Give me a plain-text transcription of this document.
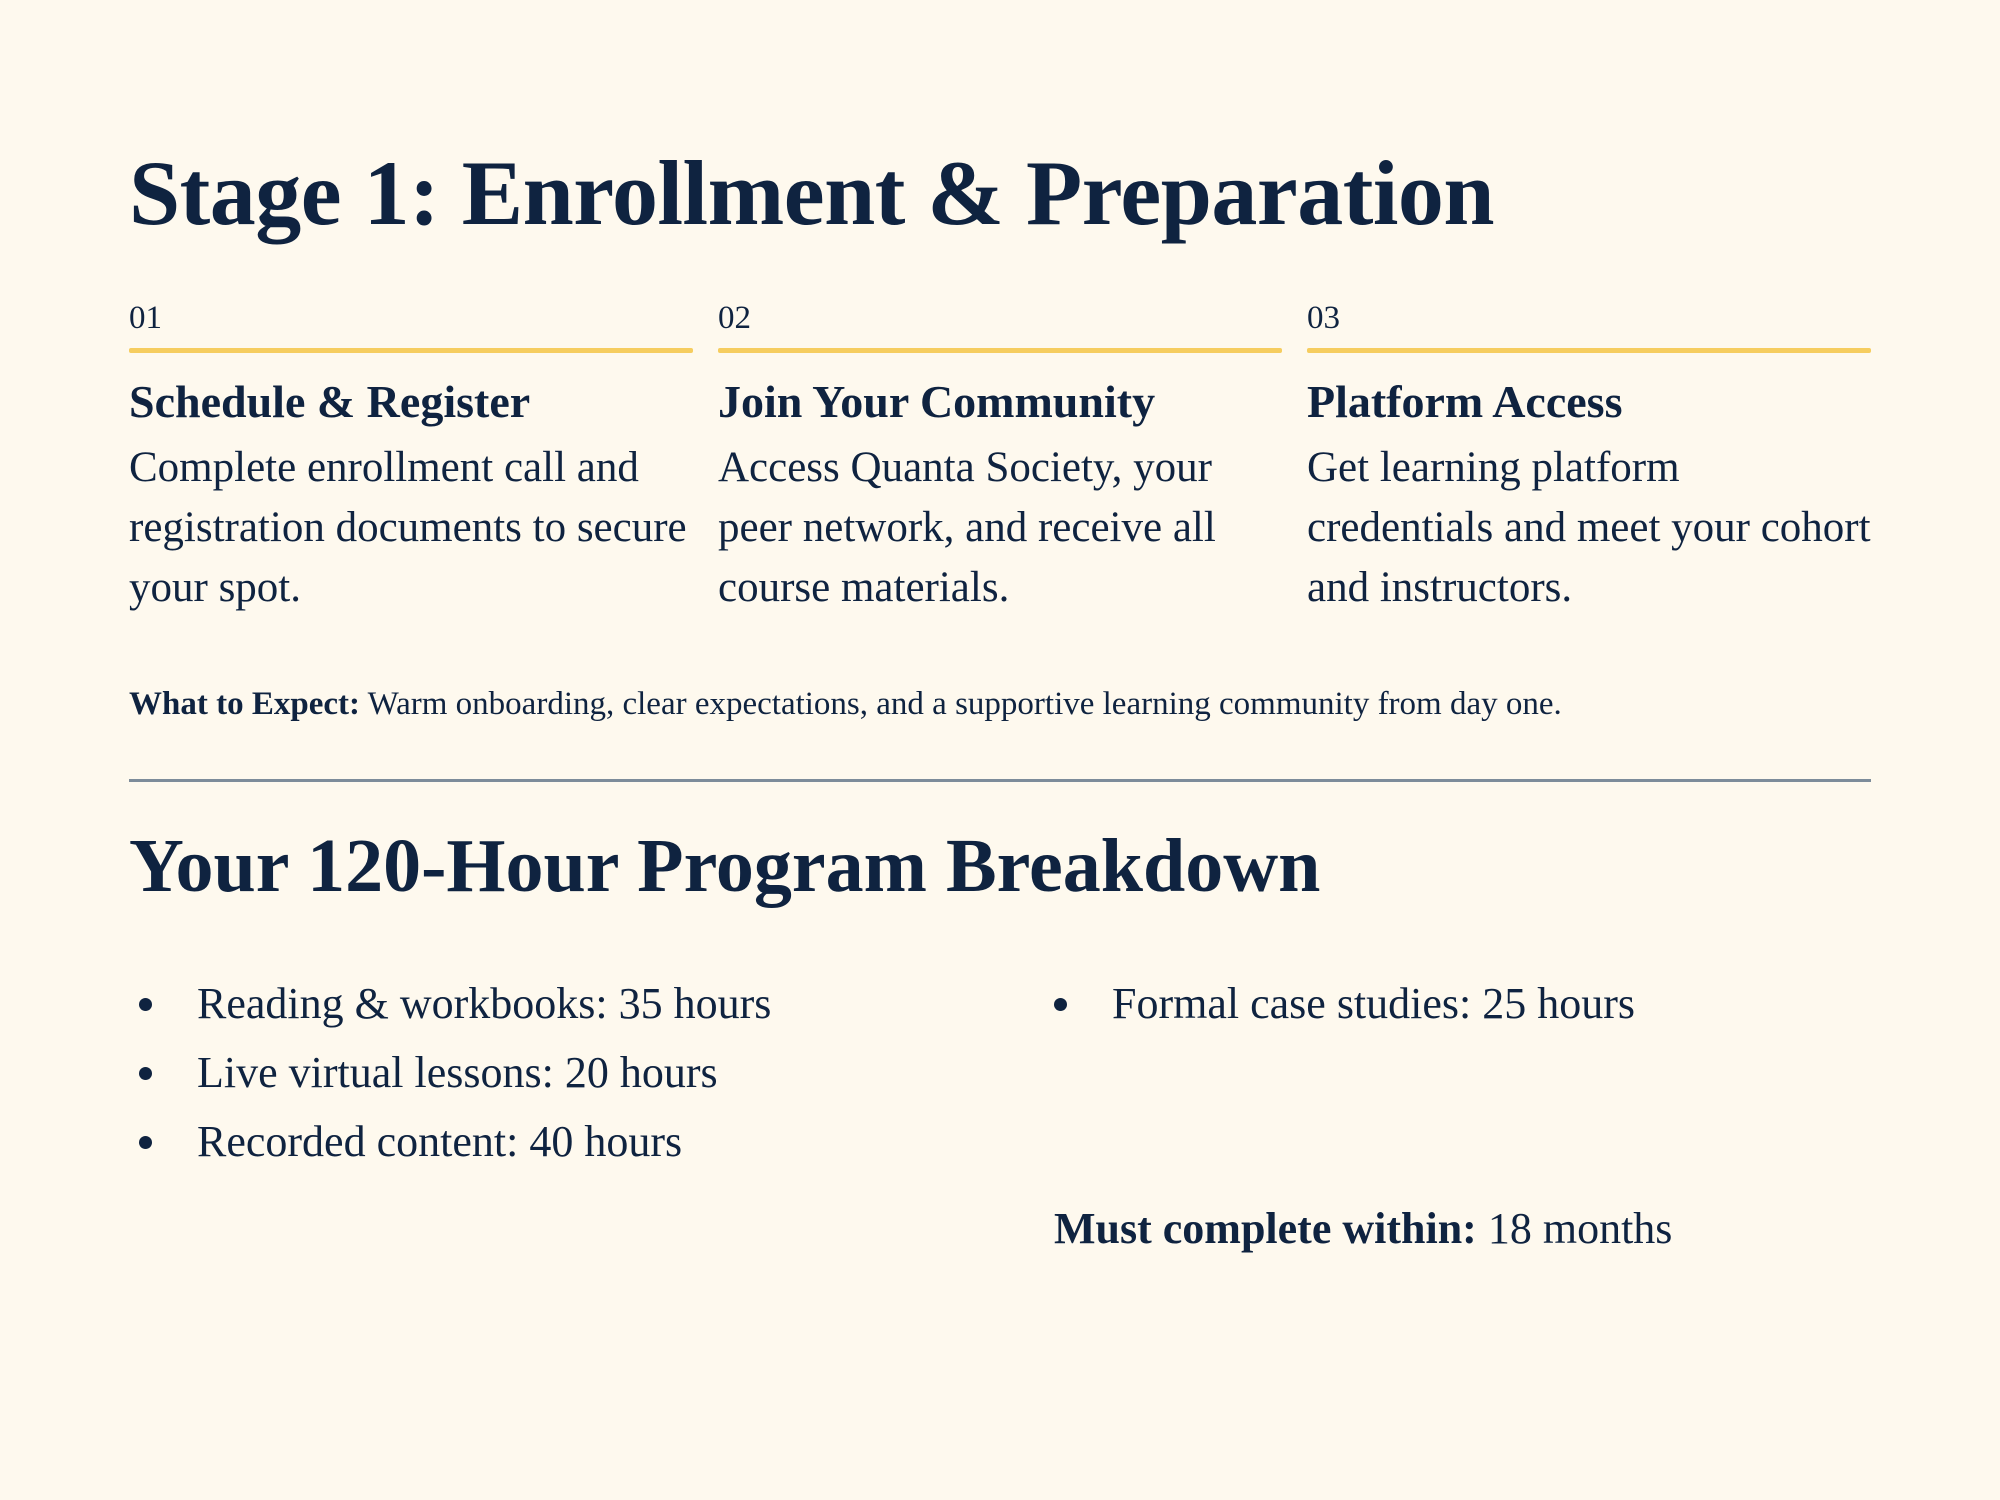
Stage 1: Enrollment & Preparation
01
Schedule & Register

Complete enrollment call and registration documents to secure your spot.

02
Join Your Community

Access Quanta Society, your peer network, and receive all course materials.

03
Platform Access

Get learning platform credentials and meet your cohort and instructors.

What to Expect: Warm onboarding, clear expectations, and a supportive learning community from day one.
Your 120-Hour Program Breakdown
Reading & workbooks: 35 hours
Live virtual lessons: 20 hours
Recorded content: 40 hours
Formal case studies: 25 hours
Must complete within: 18 months
